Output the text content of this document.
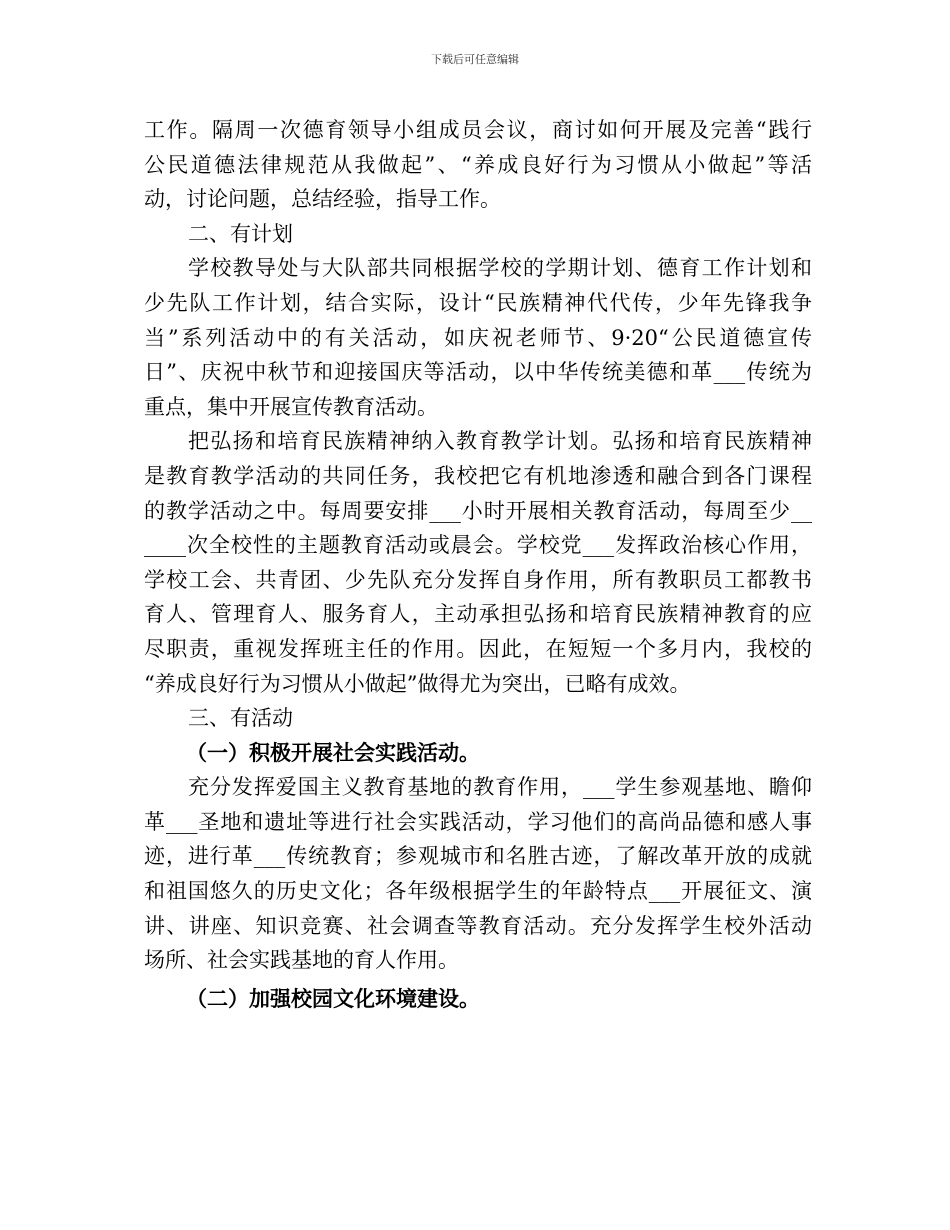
下载后可任意编辑
工作。隔周一次德育领导小组成员会议，商讨如何开展及完善“践行
公民道德法律规范从我做起”、“养成良好行为习惯从小做起”等活
动，讨论问题，总结经验，指导工作。
二、有计划
学校教导处与大队部共同根据学校的学期计划、德育工作计划和
少先队工作计划，结合实际，设计“民族精神代代传，少年先锋我争
当”系列活动中的有关活动，如庆祝老师节、9·20“公民道德宣传
日”、庆祝中秋节和迎接国庆等活动，以中华传统美德和革___传统为
重点，集中开展宣传教育活动。
把弘扬和培育民族精神纳入教育教学计划。弘扬和培育民族精神
是教育教学活动的共同任务，我校把它有机地渗透和融合到各门课程
的教学活动之中。每周要安排___小时开展相关教育活动，每周至少__
____次全校性的主题教育活动或晨会。学校党___发挥政治核心作用，
学校工会、共青团、少先队充分发挥自身作用，所有教职员工都教书
育人、管理育人、服务育人，主动承担弘扬和培育民族精神教育的应
尽职责，重视发挥班主任的作用。因此，在短短一个多月内，我校的
“养成良好行为习惯从小做起”做得尤为突出，已略有成效。
三、有活动
（一）积极开展社会实践活动。
充分发挥爱国主义教育基地的教育作用，___学生参观基地、瞻仰
革___圣地和遗址等进行社会实践活动，学习他们的高尚品德和感人事
迹，进行革___传统教育；参观城市和名胜古迹，了解改革开放的成就
和祖国悠久的历史文化；各年级根据学生的年龄特点___开展征文、演
讲、讲座、知识竞赛、社会调查等教育活动。充分发挥学生校外活动
场所、社会实践基地的育人作用。
（二）加强校园文化环境建设。
